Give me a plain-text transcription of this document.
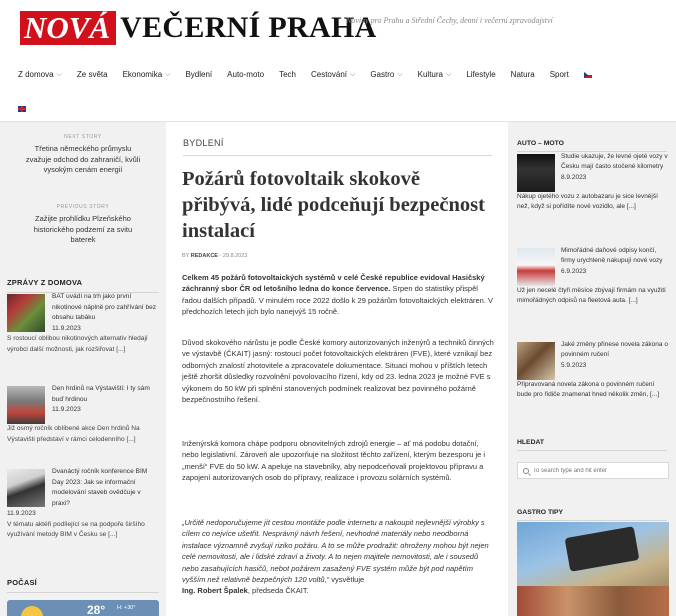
NOVÁ VEČERNÍ PRAHA
Noviny pro Prahu a Střední Čechy, denní i večerní zpravodajství
Z domova ⌵ Ze světa Ekonomika ⌵ Bydlení Auto-moto Tech Cestování ⌵ Gastro ⌵ Kultura ⌵ Lifestyle Natura Sport
NEXT STORY
Třetina německého průmyslu zvažuje odchod do zahraničí, kvůli vysokým cenám energií
PREVIOUS STORY
Zažijte prohlídku Plzeňského historického podzemí za svitu baterek
ZPRÁVY Z DOMOVA
BAT uvádí na trh jako první nikotinové náplně pro zahřívání bez obsahu tabáku
11.9.2023
S rostoucí oblibou nikotinových alternativ hledají výrobci další možnosti, jak rozšiřovat [...]
Den hrdinů na Výstavišti: I ty sám buď hrdinou
11.9.2023
Již osmý ročník oblíbené akce Den hrdinů Na Výstavišti představí v rámci celodenního [...]
Dvanáctý ročník konference BIM Day 2023: Jak se informační modelování staveb ovědčuje v praxi?
11.9.2023
V tématu aktéři podílející se na podpoře širšího využívání metody BIM v Česku se [...]
POČASÍ
28° H: +30°
BYDLENÍ
Požárů fotovoltaik skokově přibývá, lidé podceňují bezpečnost instalací
BY REDAKCE - 29.8.2023

Celkem 45 požárů fotovoltaických systémů v celé České republice evidoval Hasičský záchranný sbor ČR od letošního ledna do konce července. Srpen do statistiky přispěl řadou dalších případů. V minulém roce 2022 došlo k 29 požárům fotovoltaických elektráren. V předchozích letech jich bylo nanejvýš 15 ročně.

Důvod skokového nárůstu je podle České komory autorizovaných inženýrů a techniků činných ve výstavbě (ČKAIT) jasný: rostoucí počet fotovoltaických elektráren (FVE), které vznikají bez odborných znalostí zhotovitele a zpracovatele dokumentace. Situaci mohou v příštích letech ještě zhoršit důsledky rozvolnění povolovacího řízení, kdy od 23. ledna 2023 je možné FVE s výkonem do 50 kW při splnění stanovených podmínek realizovat bez povinného požárně bezpečnostního řešení.

Inženýrská komora chápe podporu obnovitelných zdrojů energie – ať má podobu dotační, nebo legislativní. Zároveň ale upozorňuje na složitost těchto zařízení, kterým bezesporu je i „menší“ FVE do 50 kW. A apeluje na stavebníky, aby nepodceňovali projektovou přípravu a zapojení autorizovaných osob do přípravy, realizace i provozu solárních systémů.

„Určitě nedoporučujeme jít cestou montáže podle internetu a nakoupit nejlevnější výrobky s cílem co nejvíce ušetřit. Nesprávný návrh řešení, nevhodné materiály nebo neodborná instalace významně zvyšují riziko požáru. A to se může prodražit: ohroženy mohou být nejen celé nemovitosti, ale i lidské zdraví a životy. A to nejen majitele nemovitosti, ale i sousedů nebo zasahujících hasičů, nebot požárem zasažený FVE systém může být pod napětím vyšším než relativně bezpečných 120 voltů,“ vysvětluje
Ing. Robert Špalek, předseda ČKAIT.

AUTO – MOTO
Studie ukazuje, že levné ojeté vozy v Česku mají často stočené kilometry
8.9.2023
Nákup ojetého vozu z autobazaru je sice levnější než, když si pořídíte nové vozidlo, ale [...]
Mimořádné daňové odpisy končí, firmy urychleně nakupují nové vozy
6.9.2023
Už jen necelé čtyři měsíce zbývají firmám na využití mimořádných odpisů na fleetová auta. [...]
Jaké změny přinese novela zákona o povinném ručení
5.9.2023
Připravovaná novela zákona o povinném ručení bude pro řidiče znamenat hned několik změn, [...]
HLEDAT
To search type and hit enter
GASTRO TIPY
